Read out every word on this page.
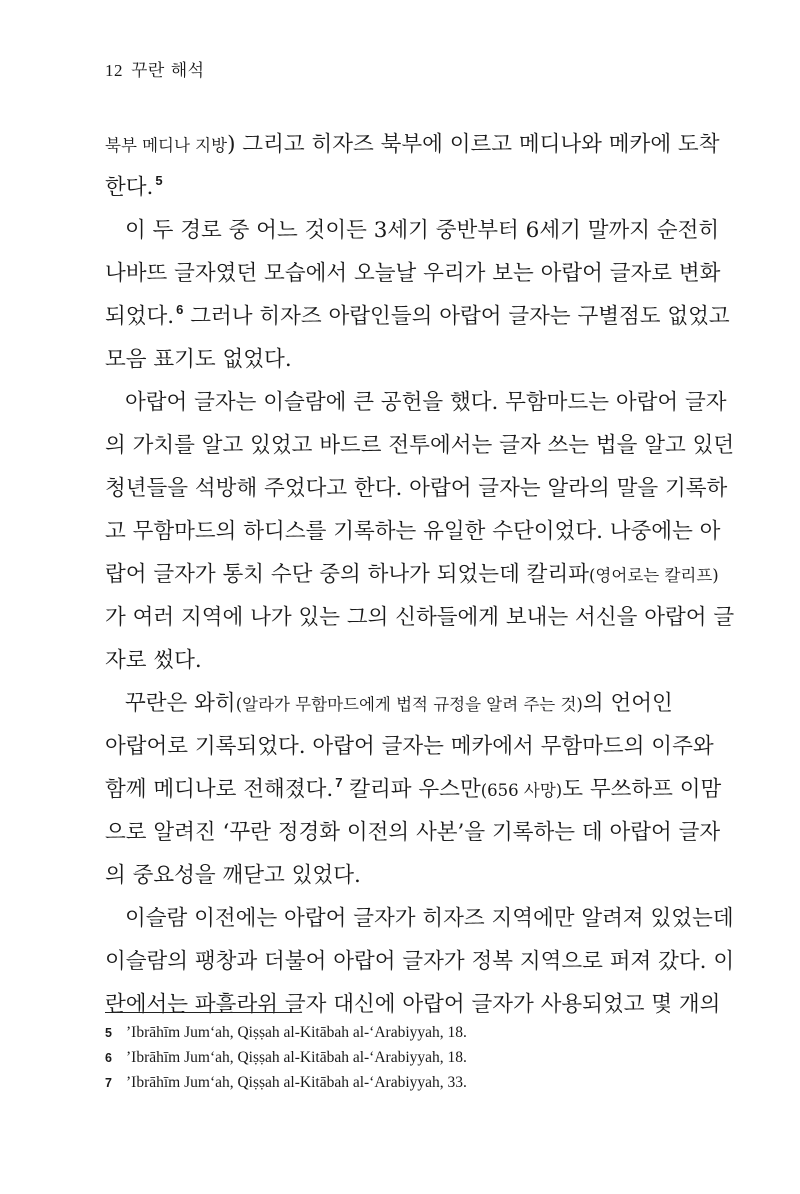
12 꾸란 해석
북부 메디나 지방) 그리고 히자즈 북부에 이르고 메디나와 메카에 도착
한다. $^5$
이 두 경로 중 어느 것이든 3세기 중반부터 6세기 말까지 순전히
나바뜨 글자였던 모습에서 오늘날 우리가 보는 아랍어 글자로 변화
되었다. $^6$ 그러나 히자즈 아랍인들의 아랍어 글자는 구별점도 없었고
모음 표기도 없었다.
아랍어 글자는 이슬람에 큰 공헌을 했다. 무함마드는 아랍어 글자
의 가치를 알고 있었고 바드르 전투에서는 글자 쓰는 법을 알고 있던
청년들을 석방해 주었다고 한다. 아랍어 글자는 알라의 말을 기록하
고 무함마드의 하디스를 기록하는 유일한 수단이었다. 나중에는 아
랍어 글자가 통치 수단 중의 하나가 되었는데 칼리파(영어로는 칼리프)
가 여러 지역에 나가 있는 그의 신하들에게 보내는 서신을 아랍어 글
자로 썼다.
꾸란은 와히(알라가 무함마드에게 법적 규정을 알려 주는 것)의 언어인
아랍어로 기록되었다. 아랍어 글자는 메카에서 무함마드의 이주와
함께 메디나로 전해졌다. $^7$ 칼리파 우스만(656 사망)도 무쓰하프 이맘
으로 알려진 ‘꾸란 정경화 이전의 사본’을 기록하는 데 아랍어 글자
의 중요성을 깨닫고 있었다.
이슬람 이전에는 아랍어 글자가 히자즈 지역에만 알려져 있었는데
이슬람의 팽창과 더불어 아랍어 글자가 정복 지역으로 퍼져 갔다. 이
란에서는 파흘라위 글자 대신에 아랍어 글자가 사용되었고 몇 개의
5 ’Ibrāhīm Jum‘ah, Qiṣṣah al-Kitābah al-‘Arabiyyah, 18.
6 ’Ibrāhīm Jum‘ah, Qiṣṣah al-Kitābah al-‘Arabiyyah, 18.
7 ’Ibrāhīm Jum‘ah, Qiṣṣah al-Kitābah al-‘Arabiyyah, 33.
